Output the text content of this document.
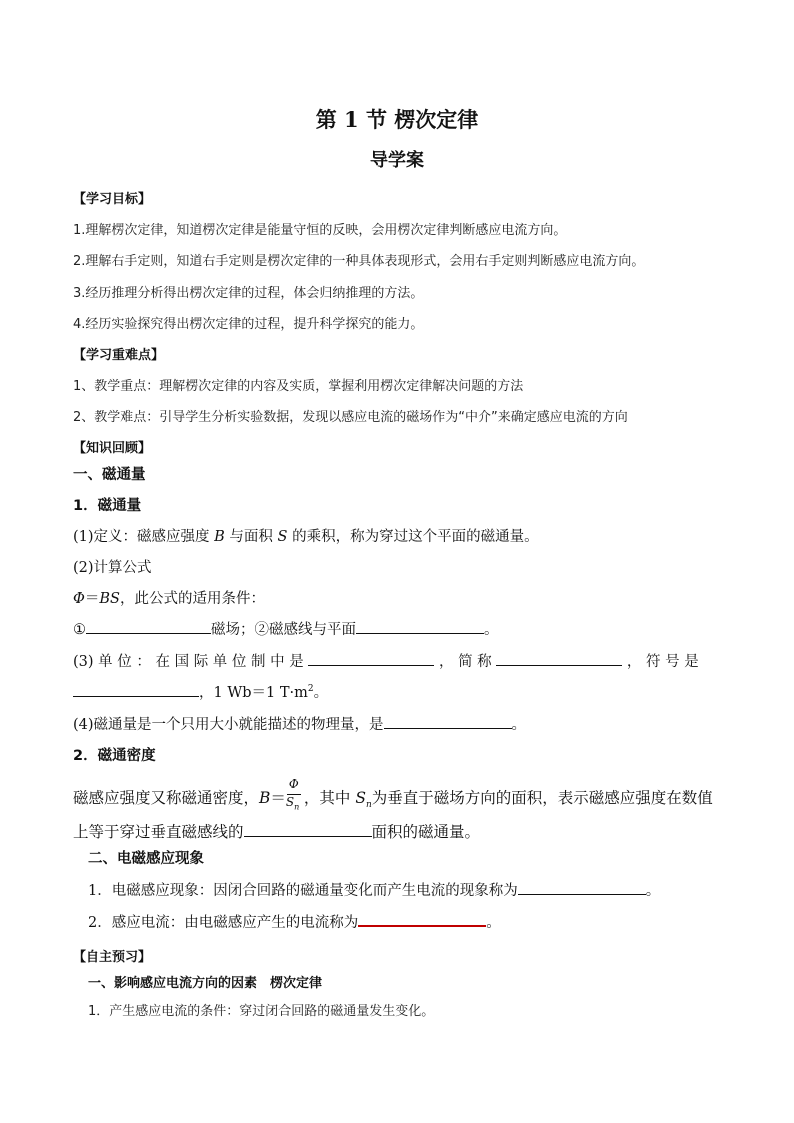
第 1 节 楞次定律
导学案
【学习目标】
1.理解楞次定律，知道楞次定律是能量守恒的反映，会用楞次定律判断感应电流方向。
2.理解右手定则，知道右手定则是楞次定律的一种具体表现形式，会用右手定则判断感应电流方向。
3.经历推理分析得出楞次定律的过程，体会归纳推理的方法。
4.经历实验探究得出楞次定律的过程，提升科学探究的能力。
【学习重难点】
1、教学重点：理解楞次定律的内容及实质，掌握利用楞次定律解决问题的方法
2、教学难点：引导学生分析实验数据，发现以感应电流的磁场作为“中介”来确定感应电流的方向
【知识回顾】
一、磁通量
1．磁通量
(1)定义：磁感应强度 B 与面积 S 的乘积，称为穿过这个平面的磁通量。
(2)计算公式
Φ＝BS，此公式的适用条件：
①	磁场；②磁感线与平面	。
(3) 单 位 ： 在 国 际 单 位 制 中 是	， 简 称	， 符 号 是
，1 Wb＝1 $T\cdot m^2$。
(4)磁通量是一个只用大小就能描述的物理量，是	。
2．磁通密度
磁感应强度又称磁通密度，$B= \frac{\Phi}{S_n}$ ，其中 $S_n$为垂直于磁场方向的面积，表示磁感应强度在数值
上等于穿过垂直磁感线的	面积的磁通量。
二、电磁感应现象
1．电磁感应现象：因闭合回路的磁通量变化而产生电流的现象称为	。
2．感应电流：由电磁感应产生的电流称为	。
【自主预习】
一、影响感应电流方向的因素　楞次定律
1．产生感应电流的条件：穿过闭合回路的磁通量发生变化。
